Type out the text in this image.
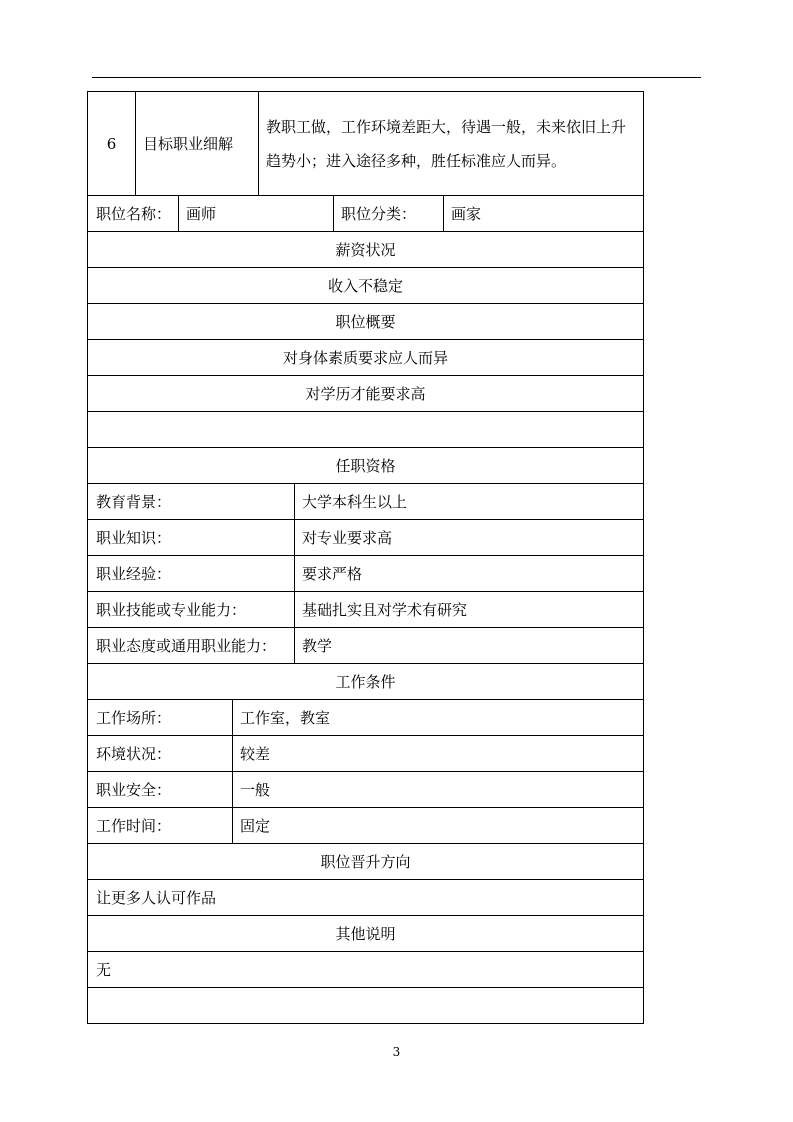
6	目标职业细解
教职工做，工作环境差距大，待遇一般，未来依旧上升趋势小；进入途径多种，胜任标准应人而异。
职位名称： 画师	职位分类：	画家
薪资状况
收入不稳定
职位概要
对身体素质要求应人而异
对学历才能要求高
任职资格
教育背景：	大学本科生以上
职业知识：	对专业要求高
职业经验：	要求严格
职业技能或专业能力：	基础扎实且对学术有研究
职业态度或通用职业能力：	教学
工作条件
工作场所：	工作室，教室
环境状况：	较差
职业安全：	一般
工作时间：	固定
职位晋升方向
让更多人认可作品
其他说明
无
3
